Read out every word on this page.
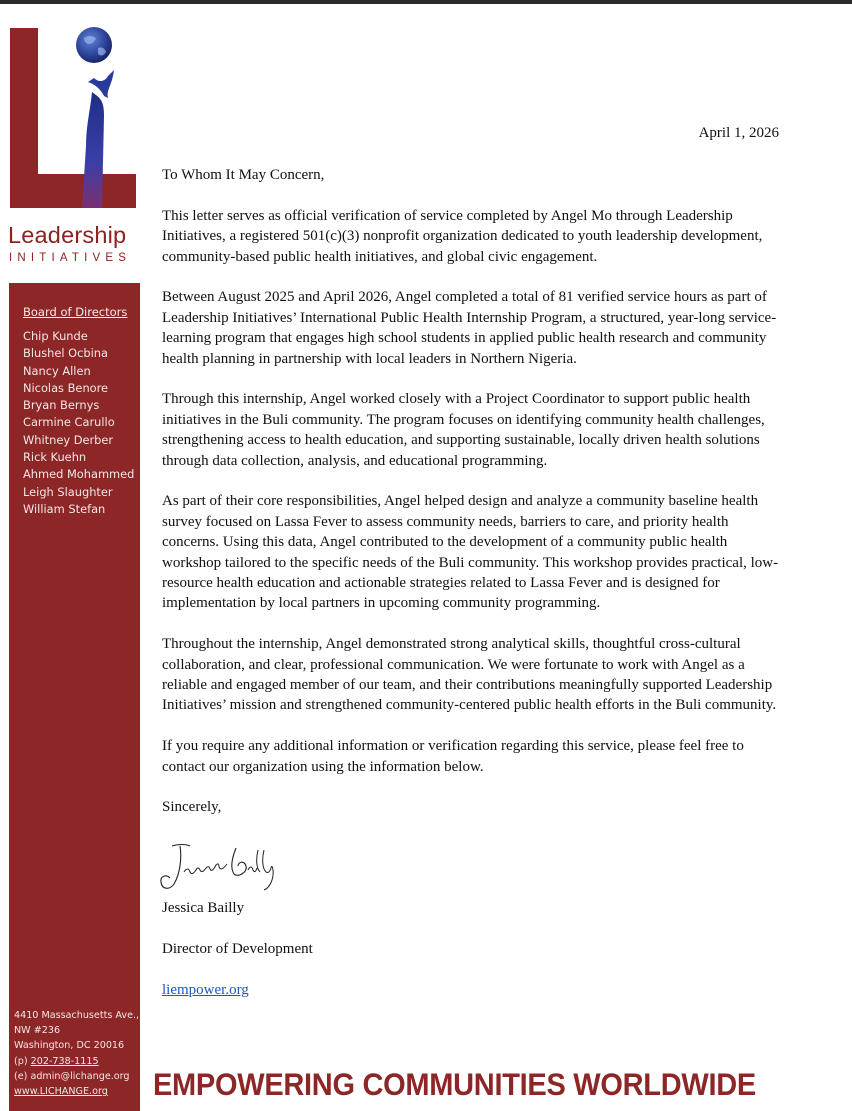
Leadership
INITIATIVES
Board of Directors
Chip Kunde
Blushel Ocbina
Nancy Allen
Nicolas Benore
Bryan Bernys
Carmine Carullo
Whitney Derber
Rick Kuehn
Ahmed Mohammed
Leigh Slaughter
William Stefan
4410 Massachusetts Ave.,
NW #236
Washington, DC 20016
(p) 202-738-1115
(e) admin@lichange.org
www.LICHANGE.org
April 1, 2026

To Whom It May Concern,

This letter serves as official verification of service completed by Angel Mo through Leadership Initiatives, a registered 501(c)(3) nonprofit organization dedicated to youth leadership development, community-based public health initiatives, and global civic engagement.

Between August 2025 and April 2026, Angel completed a total of 81 verified service hours as part of Leadership Initiatives’ International Public Health Internship Program, a structured, year-long service-learning program that engages high school students in applied public health research and community health planning in partnership with local leaders in Northern Nigeria.

Through this internship, Angel worked closely with a Project Coordinator to support public health initiatives in the Buli community. The program focuses on identifying community health challenges, strengthening access to health education, and supporting sustainable, locally driven health solutions through data collection, analysis, and educational programming.

As part of their core responsibilities, Angel helped design and analyze a community baseline health survey focused on Lassa Fever to assess community needs, barriers to care, and priority health concerns. Using this data, Angel contributed to the development of a community public health workshop tailored to the specific needs of the Buli community. This workshop provides practical, low-resource health education and actionable strategies related to Lassa Fever and is designed for implementation by local partners in upcoming community programming.

Throughout the internship, Angel demonstrated strong analytical skills, thoughtful cross-cultural collaboration, and clear, professional communication. We were fortunate to work with Angel as a reliable and engaged member of our team, and their contributions meaningfully supported Leadership Initiatives’ mission and strengthened community-centered public health efforts in the Buli community.

If you require any additional information or verification regarding this service, please feel free to contact our organization using the information below.

Sincerely,

Jessica Bailly

Director of Development

liempower.org

EMPOWERING COMMUNITIES WORLDWIDE
